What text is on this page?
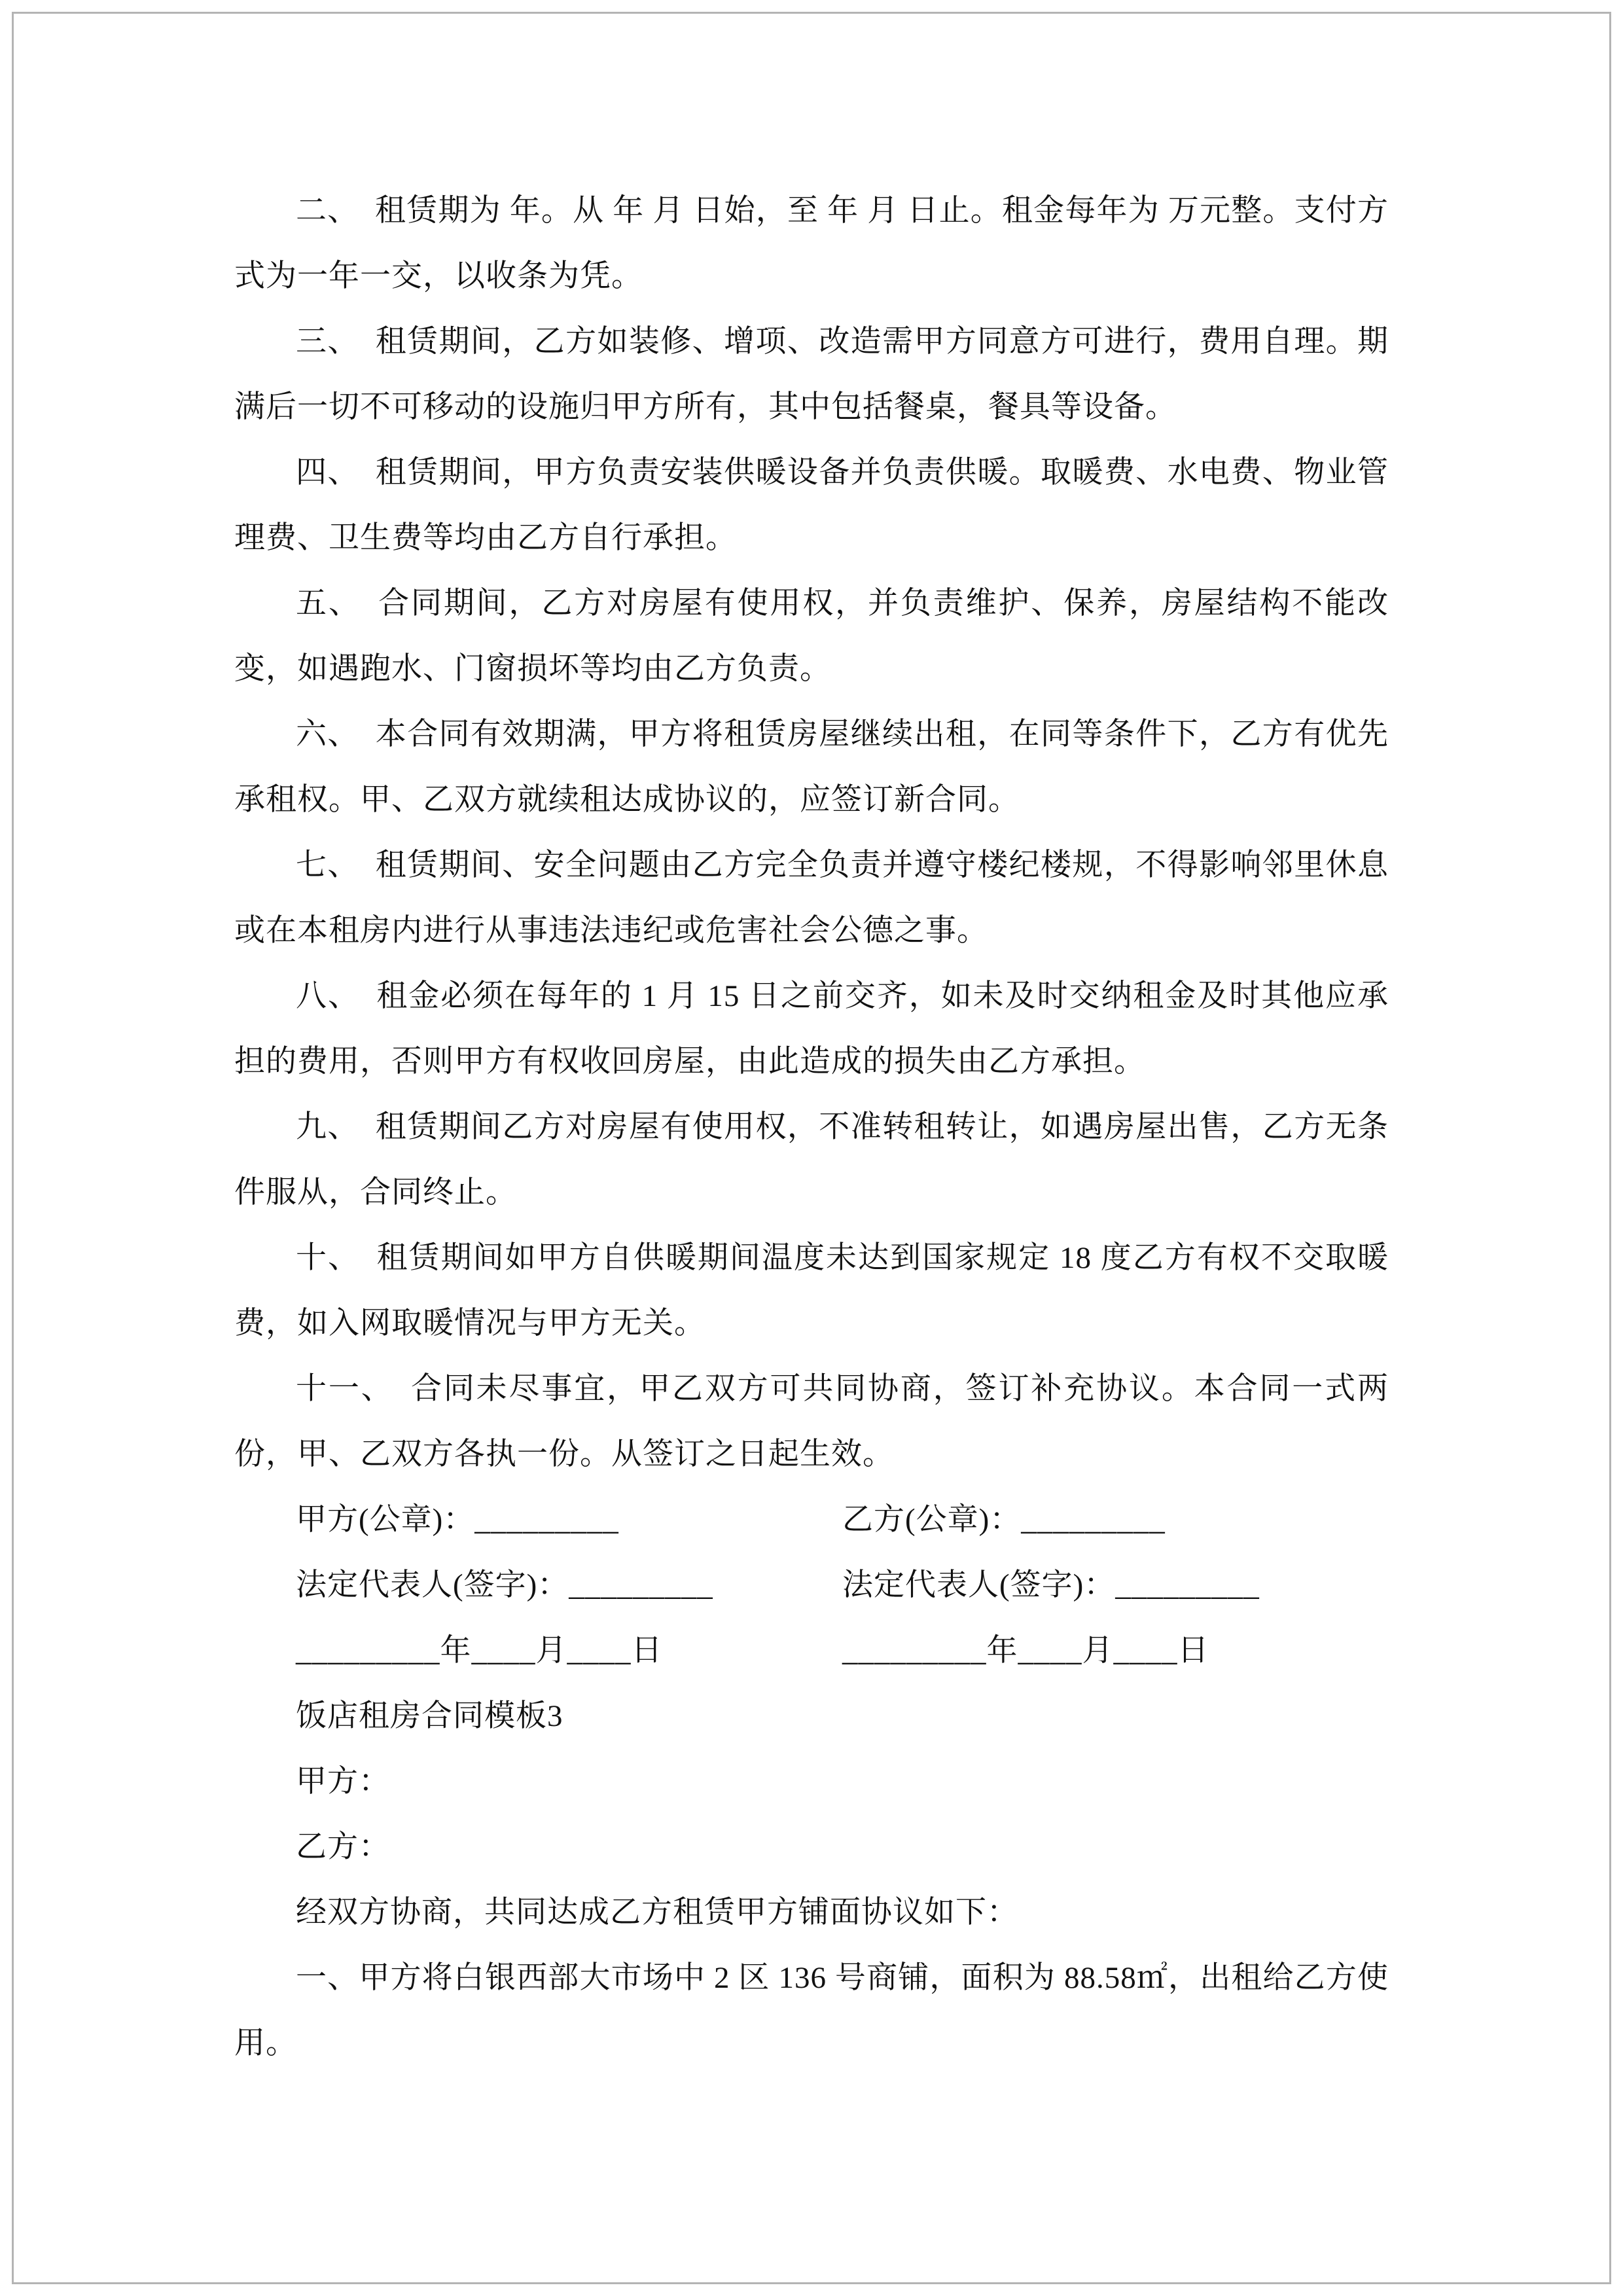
二、　租赁期为 年。从 年 月 日始，至 年 月 日止。租金每年为 万元整。支付方式为一年一交，以收条为凭。

三、　租赁期间，乙方如装修、增项、改造需甲方同意方可进行，费用自理。期满后一切不可移动的设施归甲方所有，其中包括餐桌，餐具等设备。

四、　租赁期间，甲方负责安装供暖设备并负责供暖。取暖费、水电费、物业管理费、卫生费等均由乙方自行承担。

五、　合同期间，乙方对房屋有使用权，并负责维护、保养，房屋结构不能改变，如遇跑水、门窗损坏等均由乙方负责。

六、　本合同有效期满，甲方将租赁房屋继续出租，在同等条件下，乙方有优先承租权。甲、乙双方就续租达成协议的，应签订新合同。

七、　租赁期间、安全问题由乙方完全负责并遵守楼纪楼规，不得影响邻里休息或在本租房内进行从事违法违纪或危害社会公德之事。

八、　租金必须在每年的 1 月 15 日之前交齐，如未及时交纳租金及时其他应承担的费用，否则甲方有权收回房屋，由此造成的损失由乙方承担。

九、　租赁期间乙方对房屋有使用权，不准转租转让，如遇房屋出售，乙方无条件服从，合同终止。

十、　租赁期间如甲方自供暖期间温度未达到国家规定 18 度乙方有权不交取暖费，如入网取暖情况与甲方无关。

十一、　合同未尽事宜，甲乙双方可共同协商，签订补充协议。本合同一式两份，甲、乙双方各执一份。从签订之日起生效。

甲方(公章)：_________	乙方(公章)：_________

法定代表人(签字)：_________	法定代表人(签字)：_________

_________年____月____日	_________年____月____日

饭店租房合同模板3

甲方：

乙方：

经双方协商，共同达成乙方租赁甲方铺面协议如下：

一、甲方将白银西部大市场中 2 区 136 号商铺，面积为 88.58㎡，出租给乙方使用。
